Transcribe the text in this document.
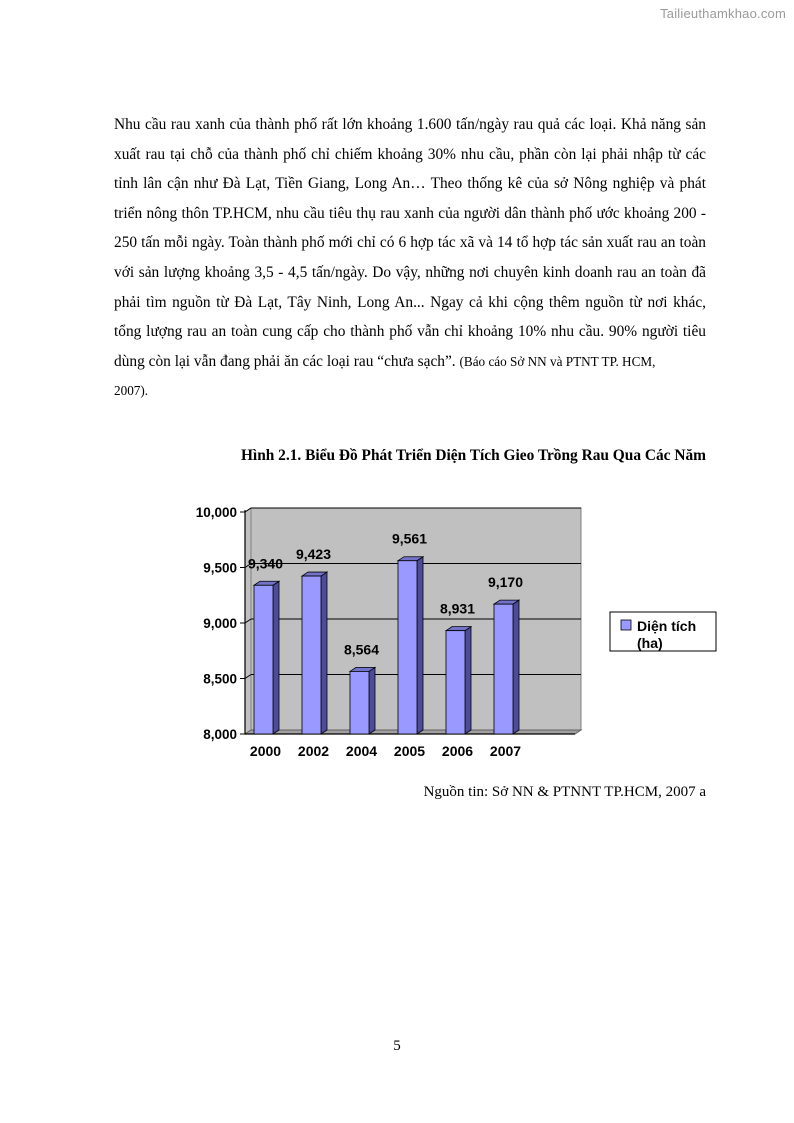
Tailieuthamkhao.com

Nhu cầu rau xanh của thành phố rất lớn khoảng 1.600 tấn/ngày rau quả các loại. Khả năng sản xuất rau tại chỗ của thành phố chỉ chiếm khoảng 30% nhu cầu, phần còn lại phải nhập từ các tỉnh lân cận như Đà Lạt, Tiền Giang, Long An… Theo thống kê của sở Nông nghiệp và phát triển nông thôn TP.HCM, nhu cầu tiêu thụ rau xanh của người dân thành phố ước khoảng 200 - 250 tấn mỗi ngày. Toàn thành phố mới chỉ có 6 hợp tác xã và 14 tổ hợp tác sản xuất rau an toàn với sản lượng khoảng 3,5 - 4,5 tấn/ngày. Do vậy, những nơi chuyên kinh doanh rau an toàn đã phải tìm nguồn từ Đà Lạt, Tây Ninh, Long An... Ngay cả khi cộng thêm nguồn từ nơi khác, tổng lượng rau an toàn cung cấp cho thành phố vẫn chỉ khoảng 10% nhu cầu. 90% người tiêu dùng còn lại vẫn đang phải ăn các loại rau “chưa sạch”. (Báo cáo Sở NN và PTNT TP. HCM,
2007).

Hình 2.1. Biểu Đồ Phát Triển Diện Tích Gieo Trồng Rau Qua Các Năm

8,000
8,500
9,000
9,500
10,000
9,340
2000
9,423
2002
8,564
2004
9,561
2005
8,931
2006
9,170
2007
Diện tích
(ha)

Nguồn tin: Sở NN & PTNNT TP.HCM, 2007 a

5
